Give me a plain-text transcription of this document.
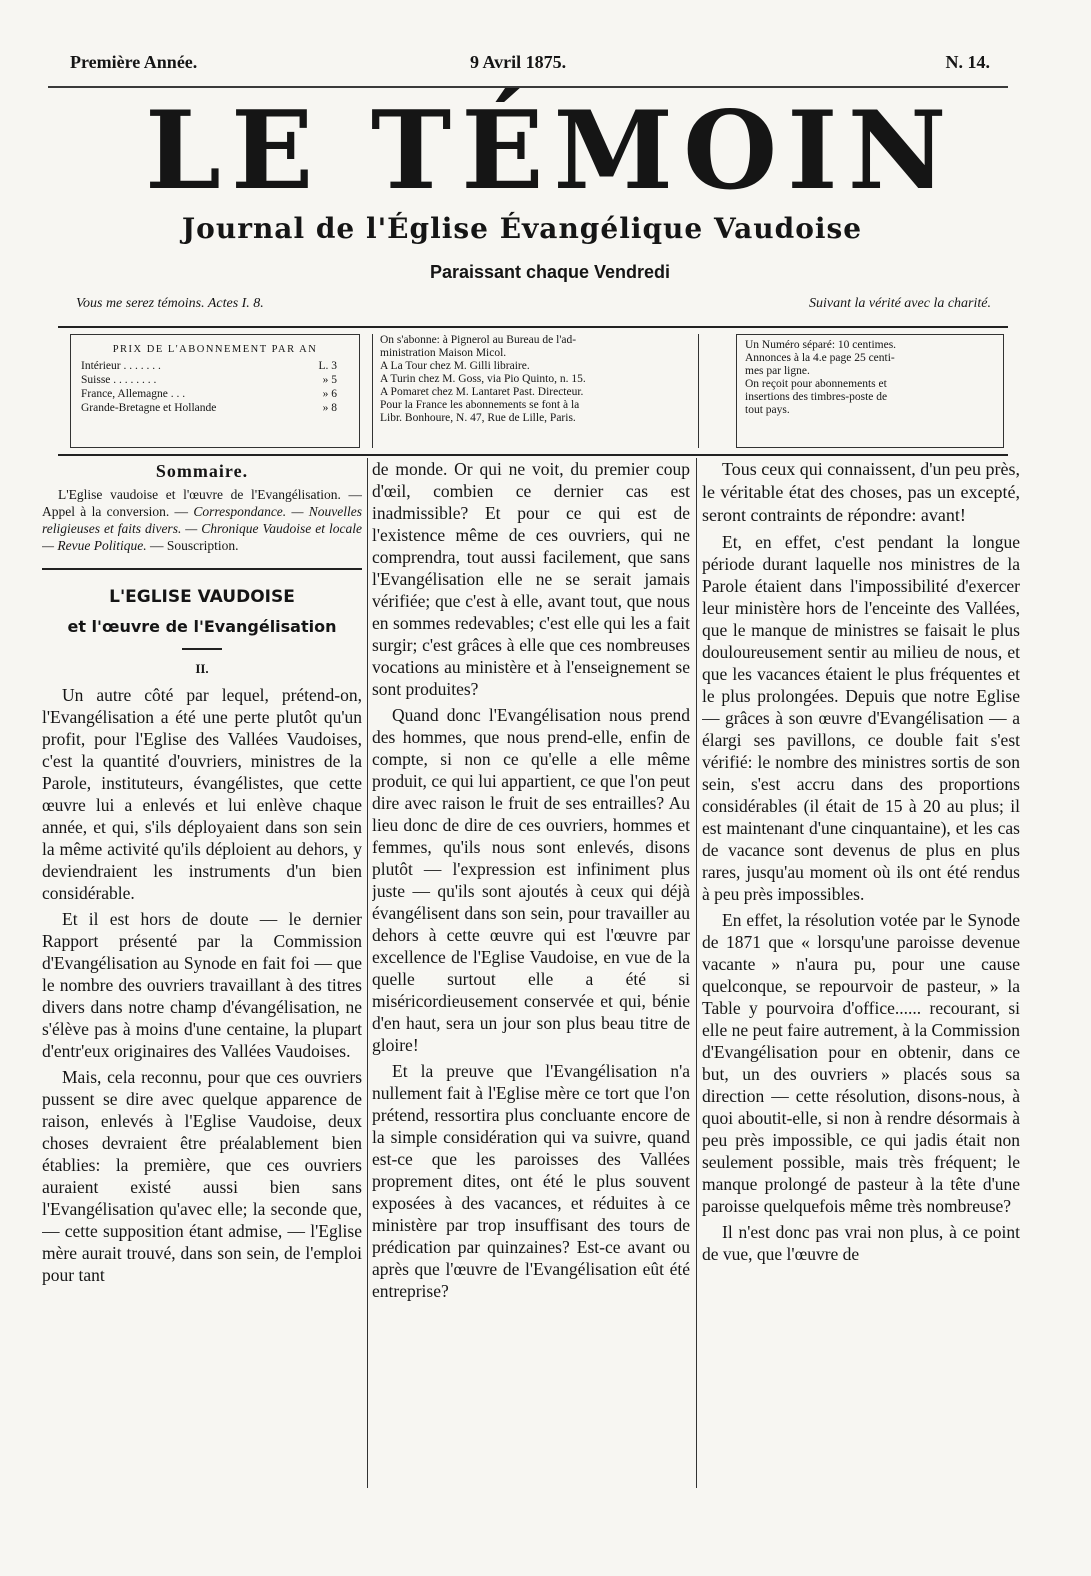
Première Année.	9 Avril 1875.	N. 14.
LE TÉMOIN
Journal de l'Église Évangélique Vaudoise
Paraissant chaque Vendredi
Vous me serez témoins. Actes I. 8.	Suivant la vérité avec la charité.
PRIX DE L'ABONNEMENT PAR AN
Intérieur . . . . . . .	L. 3
Suisse . . . . . . . .	» 5
France, Allemagne . . .	» 6
Grande-Bretagne et Hollande	» 8
On s'abonne: à Pignerol au Bureau de l'ad-
ministration Maison Micol.
A La Tour chez M. Gilli libraire.
A Turin chez M. Goss, via Pio Quinto, n. 15.
A Pomaret chez M. Lantaret Past. Directeur.
Pour la France les abonnements se font à la
Libr. Bonhoure, N. 47, Rue de Lille, Paris.
Un Numéro séparé: 10 centimes.
Annonces à la 4.e page 25 centi-
mes par ligne.
On reçoit pour abonnements et
insertions des timbres-poste de
tout pays.
Sommaire.
L'Eglise vaudoise et l'œuvre de l'Evangélisation. — Appel à la conversion. — Correspondance. — Nouvelles religieuses et faits divers. — Chronique Vaudoise et locale — Revue Politique. — Souscription.
L'EGLISE VAUDOISE
et l'œuvre de l'Evangélisation
II.

Un autre côté par lequel, prétend-on, l'Evangélisation a été une perte plutôt qu'un profit, pour l'Eglise des Vallées Vaudoises, c'est la quantité d'ouvriers, ministres de la Parole, instituteurs, évangélistes, que cette œuvre lui a enlevés et lui enlève chaque année, et qui, s'ils déployaient dans son sein la même activité qu'ils déploient au dehors, y deviendraient les instruments d'un bien considérable.

Et il est hors de doute — le dernier Rapport présenté par la Commission d'Evangélisation au Synode en fait foi — que le nombre des ouvriers travaillant à des titres divers dans notre champ d'évangélisation, ne s'élève pas à moins d'une centaine, la plupart d'entr'eux originaires des Vallées Vaudoises.

Mais, cela reconnu, pour que ces ouvriers pussent se dire avec quelque apparence de raison, enlevés à l'Eglise Vaudoise, deux choses devraient être préalablement bien établies: la première, que ces ouvriers auraient existé aussi bien sans l'Evangélisation qu'avec elle; la seconde que, — cette supposition étant admise, — l'Eglise mère aurait trouvé, dans son sein, de l'emploi pour tant

de monde. Or qui ne voit, du premier coup d'œil, combien ce dernier cas est inadmissible? Et pour ce qui est de l'existence même de ces ouvriers, qui ne comprendra, tout aussi facilement, que sans l'Evangélisation elle ne se serait jamais vérifiée; que c'est à elle, avant tout, que nous en sommes redevables; c'est elle qui les a fait surgir; c'est grâces à elle que ces nombreuses vocations au ministère et à l'enseignement se sont produites?

Quand donc l'Evangélisation nous prend des hommes, que nous prend-elle, enfin de compte, si non ce qu'elle a elle même produit, ce qui lui appartient, ce que l'on peut dire avec raison le fruit de ses entrailles? Au lieu donc de dire de ces ouvriers, hommes et femmes, qu'ils nous sont enlevés, disons plutôt — l'expression est infiniment plus juste — qu'ils sont ajoutés à ceux qui déjà évangélisent dans son sein, pour travailler au dehors à cette œuvre qui est l'œuvre par excellence de l'Eglise Vaudoise, en vue de la quelle surtout elle a été si miséricordieusement conservée et qui, bénie d'en haut, sera un jour son plus beau titre de gloire!

Et la preuve que l'Evangélisation n'a nullement fait à l'Eglise mère ce tort que l'on prétend, ressortira plus concluante encore de la simple considération qui va suivre, quand est-ce que les paroisses des Vallées proprement dites, ont été le plus souvent exposées à des vacances, et réduites à ce ministère par trop insuffisant des tours de prédication par quinzaines? Est-ce avant ou après que l'œuvre de l'Evangélisation eût été entreprise?

Tous ceux qui connaissent, d'un peu près, le véritable état des choses, pas un excepté, seront contraints de répondre: avant!

Et, en effet, c'est pendant la longue période durant laquelle nos ministres de la Parole étaient dans l'impossibilité d'exercer leur ministère hors de l'enceinte des Vallées, que le manque de ministres se faisait le plus douloureusement sentir au milieu de nous, et que les vacances étaient le plus fréquentes et le plus prolongées. Depuis que notre Eglise — grâces à son œuvre d'Evangélisation — a élargi ses pavillons, ce double fait s'est vérifié: le nombre des ministres sortis de son sein, s'est accru dans des proportions considérables (il était de 15 à 20 au plus; il est maintenant d'une cinquantaine), et les cas de vacance sont devenus de plus en plus rares, jusqu'au moment où ils ont été rendus à peu près impossibles.

En effet, la résolution votée par le Synode de 1871 que « lorsqu'une paroisse devenue vacante » n'aura pu, pour une cause quelconque, se repourvoir de pasteur, » la Table y pourvoira d'office...... recourant, si elle ne peut faire autrement, à la Commission d'Evangélisation pour en obtenir, dans ce but, un des ouvriers » placés sous sa direction — cette résolution, disons-nous, à quoi aboutit-elle, si non à rendre désormais à peu près impossible, ce qui jadis était non seulement possible, mais très fréquent; le manque prolongé de pasteur à la tête d'une paroisse quelquefois même très nombreuse?

Il n'est donc pas vrai non plus, à ce point de vue, que l'œuvre de
